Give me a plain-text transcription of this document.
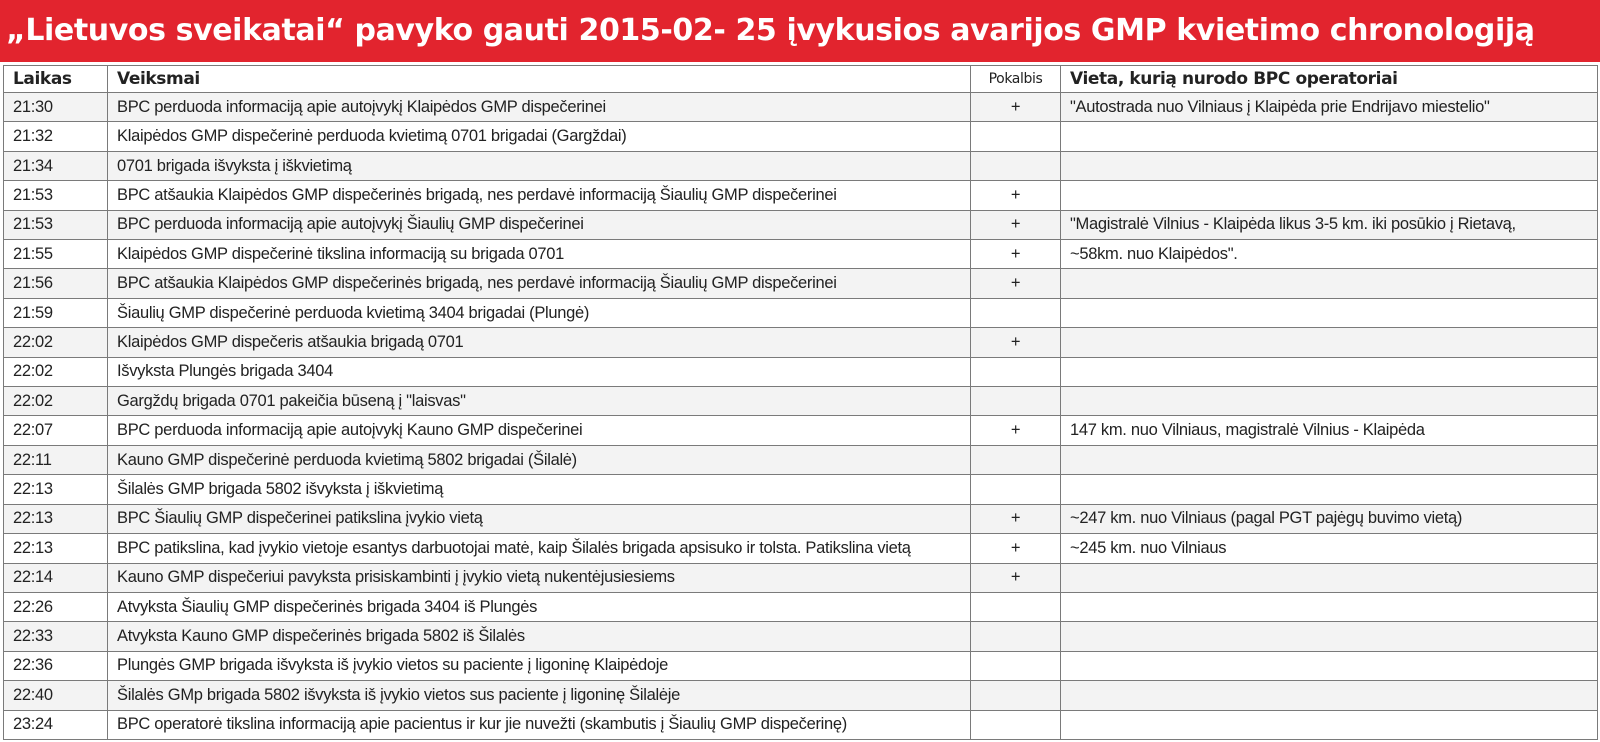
„Lietuvos sveikatai“ pavyko gauti 2015-02- 25 įvykusios avarijos GMP kvietimo chronologiją
Laikas	Veiksmai	Pokalbis	Vieta, kurią nurodo BPC operatoriai
21:30	BPC perduoda informaciją apie autoįvykį Klaipėdos GMP dispečerinei	+	"Autostrada nuo Vilniaus į Klaipėda prie Endrijavo miestelio"
21:32	Klaipėdos GMP dispečerinė perduoda kvietimą 0701 brigadai (Gargždai)		
21:34	0701 brigada išvyksta į iškvietimą		
21:53	BPC atšaukia Klaipėdos GMP dispečerinės brigadą, nes perdavė informaciją Šiaulių GMP dispečerinei	+	
21:53	BPC perduoda informaciją apie autoįvykį Šiaulių GMP dispečerinei	+	"Magistralė Vilnius - Klaipėda likus 3-5 km. iki posūkio į Rietavą,
21:55	Klaipėdos GMP dispečerinė tikslina informaciją su brigada 0701	+	~58km. nuo Klaipėdos".
21:56	BPC atšaukia Klaipėdos GMP dispečerinės brigadą, nes perdavė informaciją Šiaulių GMP dispečerinei	+	
21:59	Šiaulių GMP dispečerinė perduoda kvietimą 3404 brigadai (Plungė)		
22:02	Klaipėdos GMP dispečeris atšaukia brigadą 0701	+	
22:02	Išvyksta Plungės brigada 3404		
22:02	Gargždų brigada 0701 pakeičia būseną į "laisvas"		
22:07	BPC perduoda informaciją apie autoįvykį Kauno GMP dispečerinei	+	147 km. nuo Vilniaus, magistralė Vilnius - Klaipėda
22:11	Kauno GMP dispečerinė perduoda kvietimą 5802 brigadai (Šilalė)		
22:13	Šilalės GMP brigada 5802 išvyksta į iškvietimą		
22:13	BPC Šiaulių GMP dispečerinei patikslina įvykio vietą	+	~247 km. nuo Vilniaus (pagal PGT pajėgų buvimo vietą)
22:13	BPC patikslina, kad įvykio vietoje esantys darbuotojai matė, kaip Šilalės brigada apsisuko ir tolsta. Patikslina vietą	+	~245 km. nuo Vilniaus
22:14	Kauno GMP dispečeriui pavyksta prisiskambinti į įvykio vietą nukentėjusiesiems	+	
22:26	Atvyksta Šiaulių GMP dispečerinės brigada 3404 iš Plungės		
22:33	Atvyksta Kauno GMP dispečerinės brigada 5802 iš Šilalės		
22:36	Plungės GMP brigada išvyksta iš įvykio vietos su paciente į ligoninę Klaipėdoje		
22:40	Šilalės GMp brigada 5802 išvyksta iš įvykio vietos sus paciente į ligoninę Šilalėje		
23:24	BPC operatorė tikslina informaciją apie pacientus ir kur jie nuvežti (skambutis į Šiaulių GMP dispečerinę)		
